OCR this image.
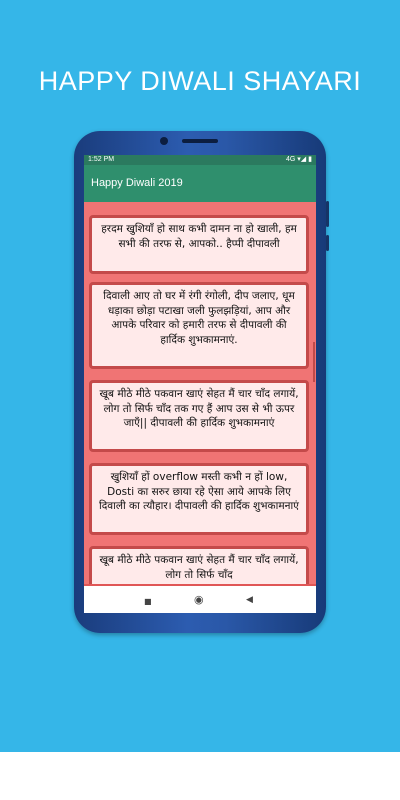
HAPPY DIWALI SHAYARI
1:52 PM	4G ▾◢ ▮
Happy Diwali 2019
हरदम खुशियाँ हो साथ कभी दामन ना हो खाली, हम सभी की तरफ से, आपको.. हैप्पी दीपावली
दिवाली आए तो घर में रंगी रंगोली, दीप जलाए, धूम धड़ाका छोड़ा पटाखा जली फुलझड़ियां, आप और आपके परिवार को हमारी तरफ से दीपावली की हार्दिक शुभकामनाएं.
खूब मीठे मीठे पकवान खाएं सेहत मैं चार चाँद लगायें, लोग तो सिर्फ चाँद तक गए हैं आप उस से भी ऊपर जाएँ|| दीपावली की हार्दिक शुभकामनाएं
खुशियाँ हों overflow मस्ती कभी न हों low, Dosti का सरुर छाया रहे ऐसा आये आपके लिए दिवाली का त्यौहार। दीपावली की हार्दिक शुभकामनाएं
खूब मीठे मीठे पकवान खाएं सेहत मैं चार चाँद लगायें, लोग तो सिर्फ चाँद
■	◉	◀
